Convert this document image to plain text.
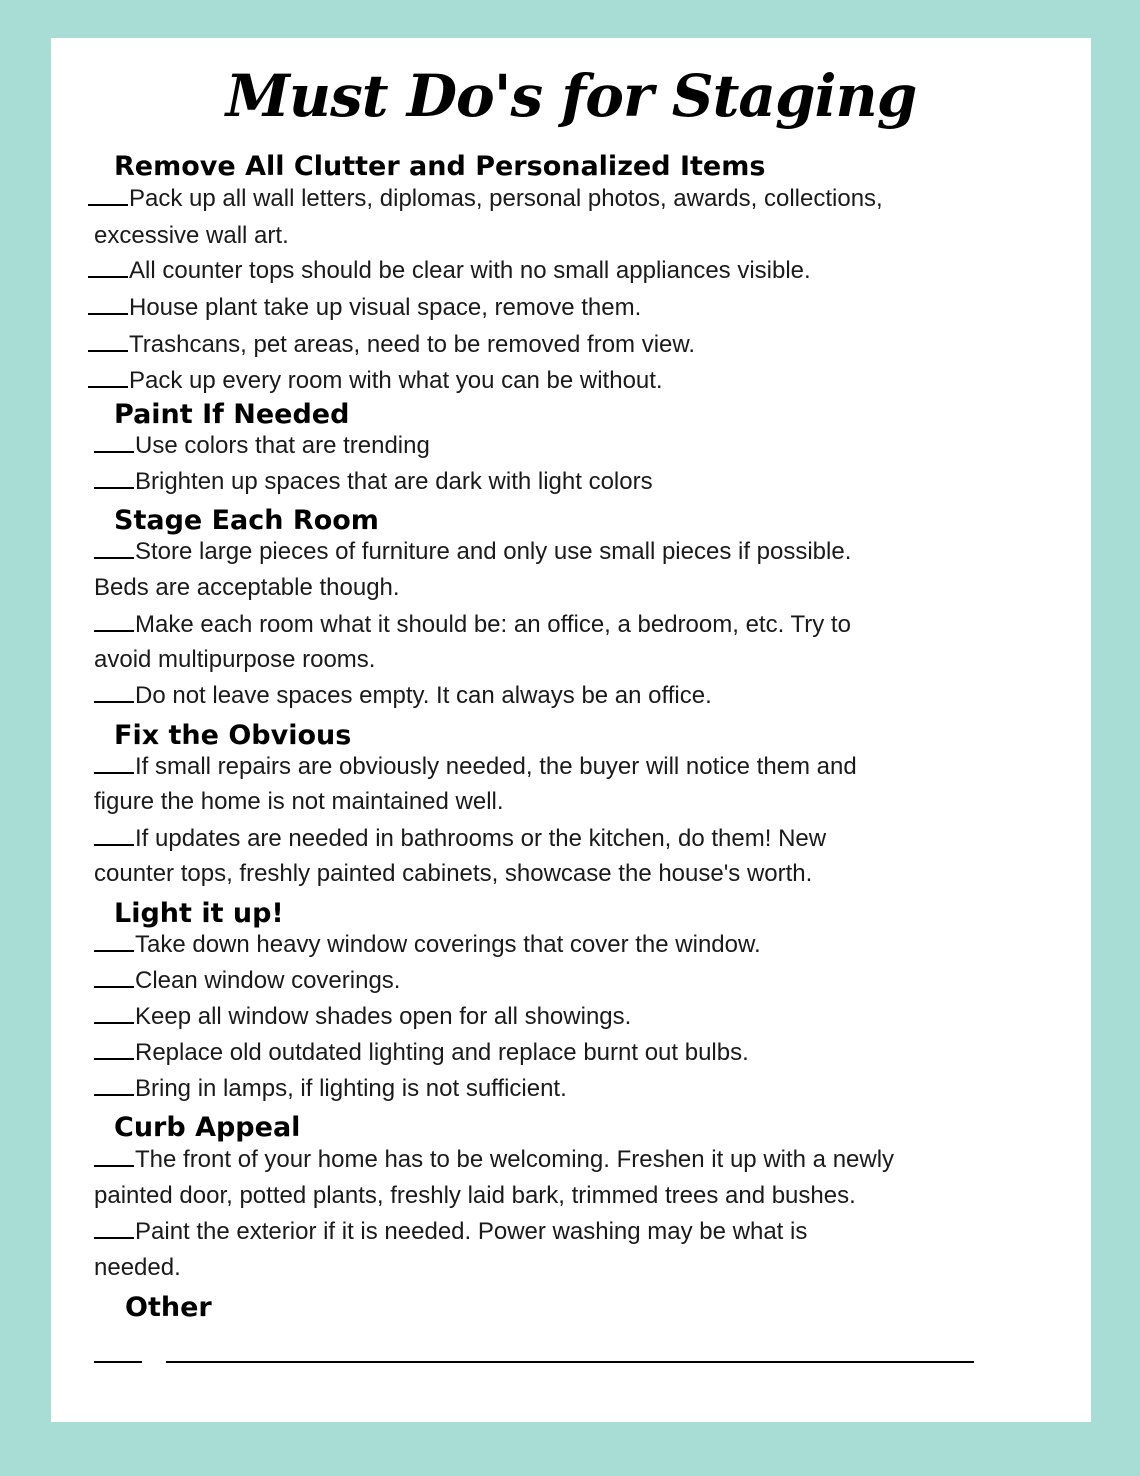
Must Do's for Staging
Remove All Clutter and Personalized Items
Pack up all wall letters, diplomas, personal photos, awards, collections,
excessive wall art.
All counter tops should be clear with no small appliances visible.
House plant take up visual space, remove them.
Trashcans, pet areas, need to be removed from view.
Pack up every room with what you can be without.
Paint If Needed
Use colors that are trending
Brighten up spaces that are dark with light colors
Stage Each Room
Store large pieces of furniture and only use small pieces if possible.
Beds are acceptable though.
Make each room what it should be: an office, a bedroom, etc. Try to
avoid multipurpose rooms.
Do not leave spaces empty. It can always be an office.
Fix the Obvious
If small repairs are obviously needed, the buyer will notice them and
figure the home is not maintained well.
If updates are needed in bathrooms or the kitchen, do them! New
counter tops, freshly painted cabinets, showcase the house's worth.
Light it up!
Take down heavy window coverings that cover the window.
Clean window coverings.
Keep all window shades open for all showings.
Replace old outdated lighting and replace burnt out bulbs.
Bring in lamps, if lighting is not sufficient.
Curb Appeal
The front of your home has to be welcoming. Freshen it up with a newly
painted door, potted plants, freshly laid bark, trimmed trees and bushes.
Paint the exterior if it is needed. Power washing may be what is
needed.
Other
